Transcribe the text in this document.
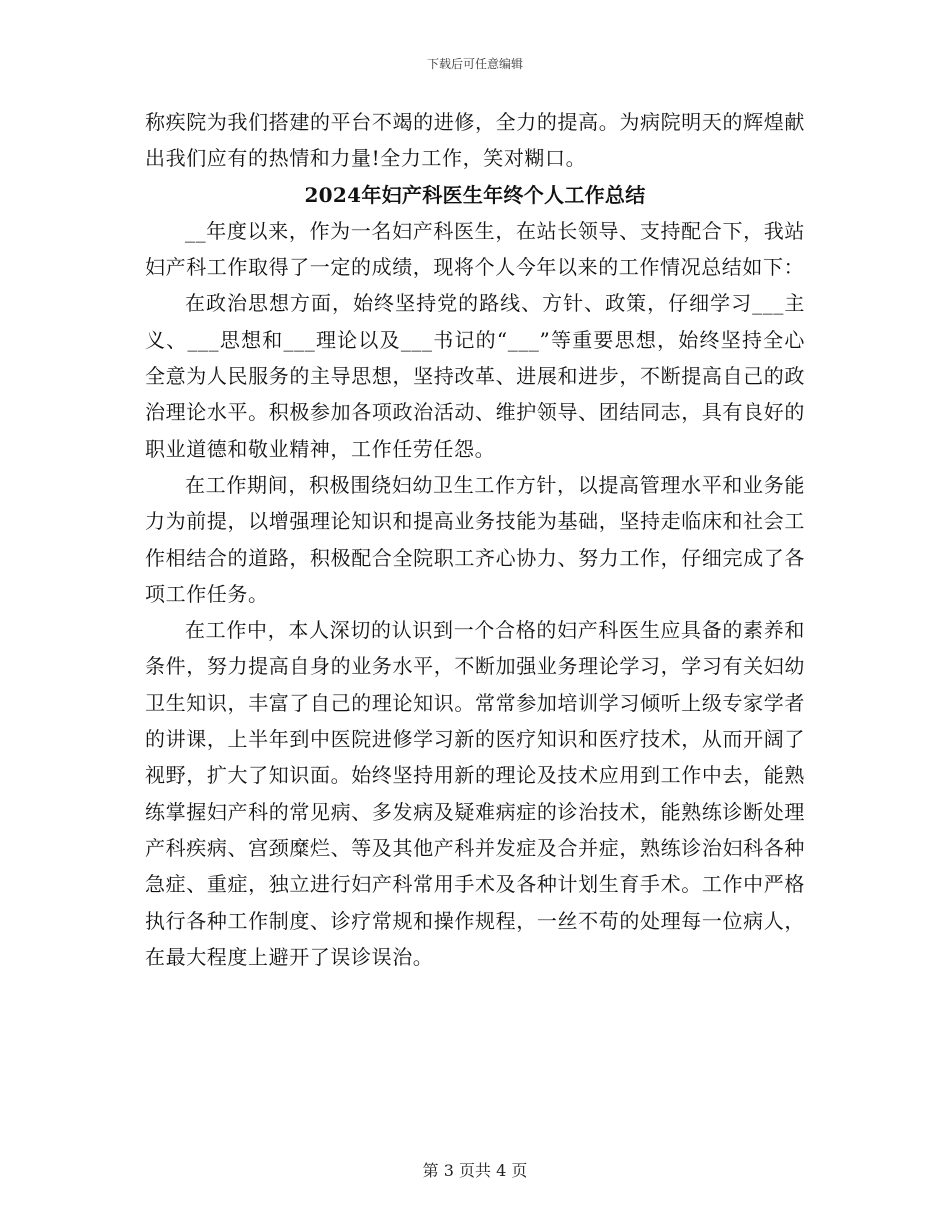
下载后可任意编辑

称疾院为我们搭建的平台不竭的进修，全力的提高。为病院明天的辉煌献出我们应有的热情和力量!全力工作，笑对糊口。

2024年妇产科医生年终个人工作总结

__年度以来，作为一名妇产科医生，在站长领导、支持配合下，我站妇产科工作取得了一定的成绩，现将个人今年以来的工作情况总结如下：

在政治思想方面，始终坚持党的路线、方针、政策，仔细学习___主义、___思想和___理论以及___书记的“___”等重要思想，始终坚持全心全意为人民服务的主导思想，坚持改革、进展和进步，不断提高自己的政治理论水平。积极参加各项政治活动、维护领导、团结同志，具有良好的职业道德和敬业精神，工作任劳任怨。

在工作期间，积极围绕妇幼卫生工作方针，以提高管理水平和业务能力为前提，以增强理论知识和提高业务技能为基础，坚持走临床和社会工作相结合的道路，积极配合全院职工齐心协力、努力工作，仔细完成了各项工作任务。

在工作中，本人深切的认识到一个合格的妇产科医生应具备的素养和条件，努力提高自身的业务水平，不断加强业务理论学习，学习有关妇幼卫生知识，丰富了自己的理论知识。常常参加培训学习倾听上级专家学者的讲课，上半年到中医院进修学习新的医疗知识和医疗技术，从而开阔了视野，扩大了知识面。始终坚持用新的理论及技术应用到工作中去，能熟练掌握妇产科的常见病、多发病及疑难病症的诊治技术，能熟练诊断处理产科疾病、宫颈糜烂、等及其他产科并发症及合并症，熟练诊治妇科各种急症、重症，独立进行妇产科常用手术及各种计划生育手术。工作中严格执行各种工作制度、诊疗常规和操作规程，一丝不苟的处理每一位病人，在最大程度上避开了误诊误治。

第 3 页共 4 页
